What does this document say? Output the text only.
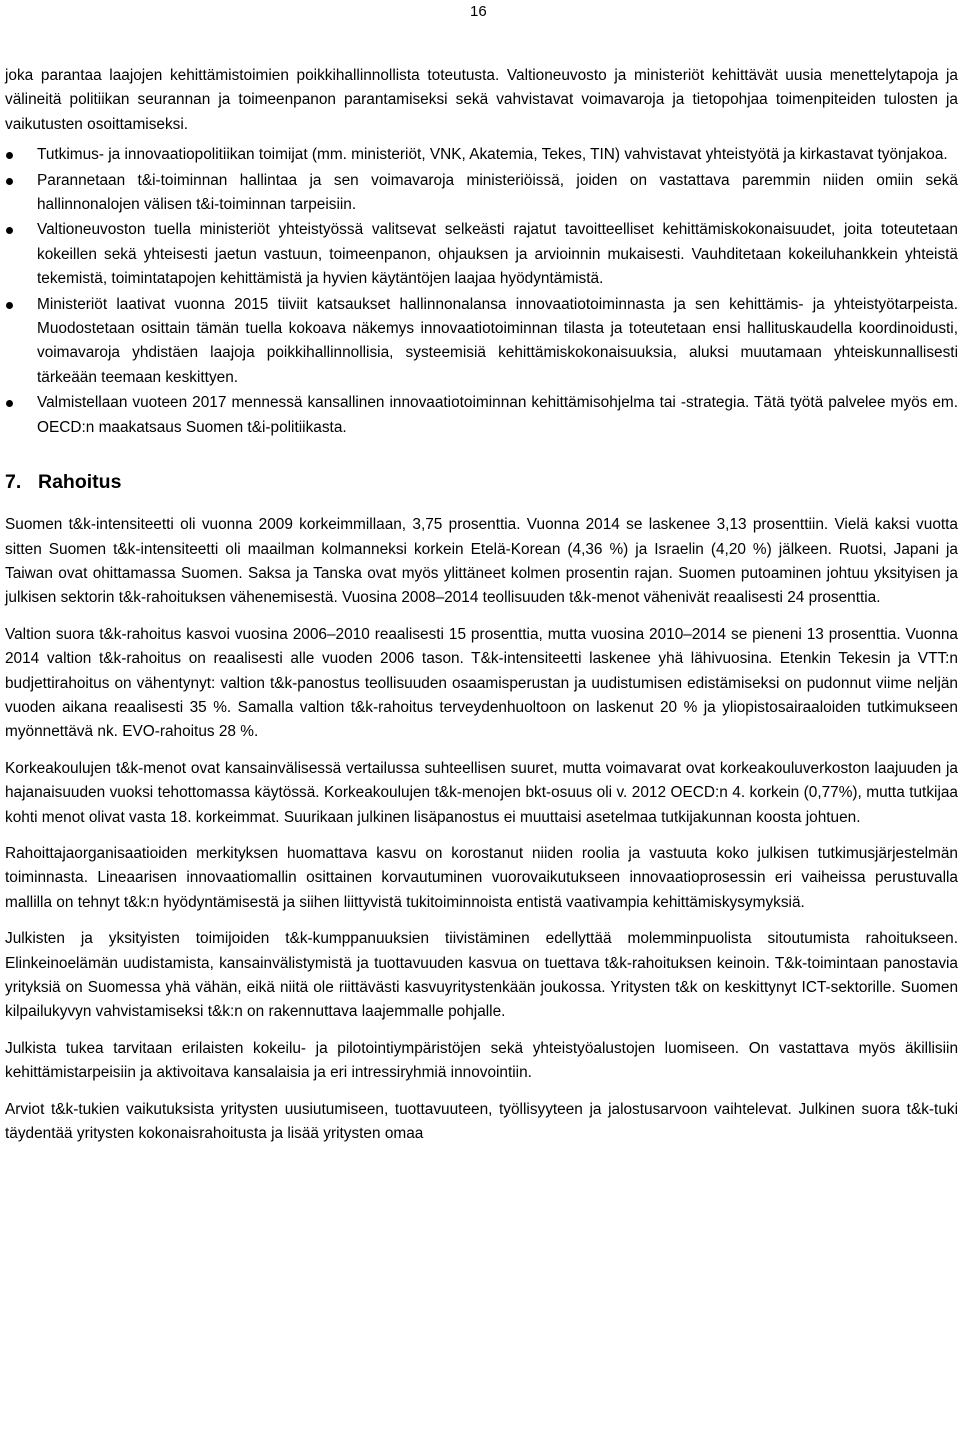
16

joka parantaa laajojen kehittämistoimien poikkihallinnollista toteutusta. Valtioneuvosto ja ministeriöt kehittävät uusia menettelytapoja ja välineitä politiikan seurannan ja toimeenpanon parantamiseksi sekä vahvistavat voimavaroja ja tietopohjaa toimenpiteiden tulosten ja vaikutusten osoittamiseksi.

Tutkimus- ja innovaatiopolitiikan toimijat (mm. ministeriöt, VNK, Akatemia, Tekes, TIN) vahvistavat yhteistyötä ja kirkastavat työnjakoa.
Parannetaan t&i-toiminnan hallintaa ja sen voimavaroja ministeriöissä, joiden on vastattava paremmin niiden omiin sekä hallinnonalojen välisen t&i-toiminnan tarpeisiin.
Valtioneuvoston tuella ministeriöt yhteistyössä valitsevat selkeästi rajatut tavoitteelliset kehittämiskokonaisuudet, joita toteutetaan kokeillen sekä yhteisesti jaetun vastuun, toimeenpanon, ohjauksen ja arvioinnin mukaisesti. Vauhditetaan kokeiluhankkein yhteistä tekemistä, toimintatapojen kehittämistä ja hyvien käytäntöjen laajaa hyödyntämistä.
Ministeriöt laativat vuonna 2015 tiiviit katsaukset hallinnonalansa innovaatiotoiminnasta ja sen kehittämis- ja yhteistyötarpeista. Muodostetaan osittain tämän tuella kokoava näkemys innovaatiotoiminnan tilasta ja toteutetaan ensi hallituskaudella koordinoidusti, voimavaroja yhdistäen laajoja poikkihallinnollisia, systeemisiä kehittämiskokonaisuuksia, aluksi muutamaan yhteiskunnallisesti tärkeään teemaan keskittyen.
Valmistellaan vuoteen 2017 mennessä kansallinen innovaatiotoiminnan kehittämisohjelma tai -strategia. Tätä työtä palvelee myös em. OECD:n maakatsaus Suomen t&i-politiikasta.
7. Rahoitus

Suomen t&k-intensiteetti oli vuonna 2009 korkeimmillaan, 3,75 prosenttia. Vuonna 2014 se laskenee 3,13 prosenttiin. Vielä kaksi vuotta sitten Suomen t&k-intensiteetti oli maailman kolmanneksi korkein Etelä-Korean (4,36 %) ja Israelin (4,20 %) jälkeen. Ruotsi, Japani ja Taiwan ovat ohittamassa Suomen. Saksa ja Tanska ovat myös ylittäneet kolmen prosentin rajan. Suomen putoaminen johtuu yksityisen ja julkisen sektorin t&k-rahoituksen vähenemisestä. Vuosina 2008–2014 teollisuuden t&k-menot vähenivät reaalisesti 24 prosenttia.

Valtion suora t&k-rahoitus kasvoi vuosina 2006–2010 reaalisesti 15 prosenttia, mutta vuosina 2010–2014 se pieneni 13 prosenttia. Vuonna 2014 valtion t&k-rahoitus on reaalisesti alle vuoden 2006 tason. T&k-intensiteetti laskenee yhä lähivuosina. Etenkin Tekesin ja VTT:n budjettirahoitus on vähentynyt: valtion t&k-panostus teollisuuden osaamisperustan ja uudistumisen edistämiseksi on pudonnut viime neljän vuoden aikana reaalisesti 35 %. Samalla valtion t&k-rahoitus terveydenhuoltoon on laskenut 20 % ja yliopistosairaaloiden tutkimukseen myönnettävä nk. EVO-rahoitus 28 %.

Korkeakoulujen t&k-menot ovat kansainvälisessä vertailussa suhteellisen suuret, mutta voimavarat ovat korkeakouluverkoston laajuuden ja hajanaisuuden vuoksi tehottomassa käytössä. Korkeakoulujen t&k-menojen bkt-osuus oli v. 2012 OECD:n 4. korkein (0,77%), mutta tutkijaa kohti menot olivat vasta 18. korkeimmat. Suurikaan julkinen lisäpanostus ei muuttaisi asetelmaa tutkijakunnan koosta johtuen.

Rahoittajaorganisaatioiden merkityksen huomattava kasvu on korostanut niiden roolia ja vastuuta koko julkisen tutkimusjärjestelmän toiminnasta. Lineaarisen innovaatiomallin osittainen korvautuminen vuorovaikutukseen innovaatioprosessin eri vaiheissa perustuvalla mallilla on tehnyt t&k:n hyödyntämisestä ja siihen liittyvistä tukitoiminnoista entistä vaativampia kehittämiskysymyksiä.

Julkisten ja yksityisten toimijoiden t&k-kumppanuuksien tiivistäminen edellyttää molemminpuolista sitoutumista rahoitukseen. Elinkeinoelämän uudistamista, kansainvälistymistä ja tuottavuuden kasvua on tuettava t&k-rahoituksen keinoin. T&k-toimintaan panostavia yrityksiä on Suomessa yhä vähän, eikä niitä ole riittävästi kasvuyritystenkään joukossa. Yritysten t&k on keskittynyt ICT-sektorille. Suomen kilpailukyvyn vahvistamiseksi t&k:n on rakennuttava laajemmalle pohjalle.

Julkista tukea tarvitaan erilaisten kokeilu- ja pilotointiympäristöjen sekä yhteistyöalustojen luomiseen. On vastattava myös äkillisiin kehittämistarpeisiin ja aktivoitava kansalaisia ja eri intressiryhmiä innovointiin.

Arviot t&k-tukien vaikutuksista yritysten uusiutumiseen, tuottavuuteen, työllisyyteen ja jalostusarvoon vaihtelevat. Julkinen suora t&k-tuki täydentää yritysten kokonaisrahoitusta ja lisää yritysten omaa
